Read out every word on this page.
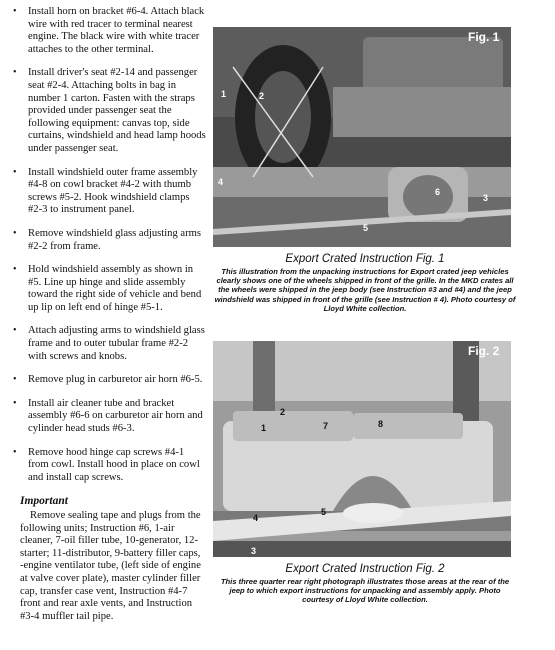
• Install horn on bracket #6-4. Attach black wire with red tracer to terminal nearest engine. The black wire with white tracer attaches to the other terminal.
• Install driver's seat #2-14 and passenger seat #2-4. Attaching bolts in bag in number 1 carton. Fasten with the straps provided under passenger seat the following equipment: canvas top, side curtains, windshield and head lamp hoods under passenger seat.
• Install windshield outer frame assembly #4-8 on cowl bracket #4-2 with thumb screws #5-2. Hook windshield clamps #2-3 to instrument panel.
• Remove windshield glass adjusting arms #2-2 from frame.
• Hold windshield assembly as shown in #5. Line up hinge and slide assembly toward the right side of vehicle and bend up lip on left end of hinge #5-1.
• Attach adjusting arms to windshield glass frame and to outer tubular frame #2-2 with screws and knobs.
• Remove plug in carburetor air horn #6-5.
• Install air cleaner tube and bracket assembly #6-6 on carburetor air horn and cylinder head studs #6-3.
• Remove hood hinge cap screws #4-1 from cowl. Install hood in place on cowl and install cap screws.
Important
Remove sealing tape and plugs from the following units; Instruction #6, 1-air cleaner, 7-oil filler tube, 10-generator, 12-starter; 11-distributor, 9-battery filler caps, -engine ventilator tube, (left side of engine at valve cover plate), master cylinder filler cap, transfer case vent, Instruction #4-7 front and rear axle vents, and Instruction #3-4 muffler tail pipe.
Fig. 1
1	2
3
4
5
6

Export Crated Instruction Fig. 1

This illustration from the unpacking instructions for Export crated jeep vehicles clearly shows one of the wheels shipped in front of the grille. In the MKD crates all the wheels were shipped in the jeep body (see Instruction #3 and #4) and the jeep windshield was shipped in front of the grille (see Instruction # 4). Photo courtesy of Lloyd White collection.

Fig. 2
1
2
3
4
5
7	8

Export Crated Instruction Fig. 2

This three quarter rear right photograph illustrates those areas at the rear of the jeep to which export instructions for unpacking and assembly apply. Photo courtesy of Lloyd White collection.
